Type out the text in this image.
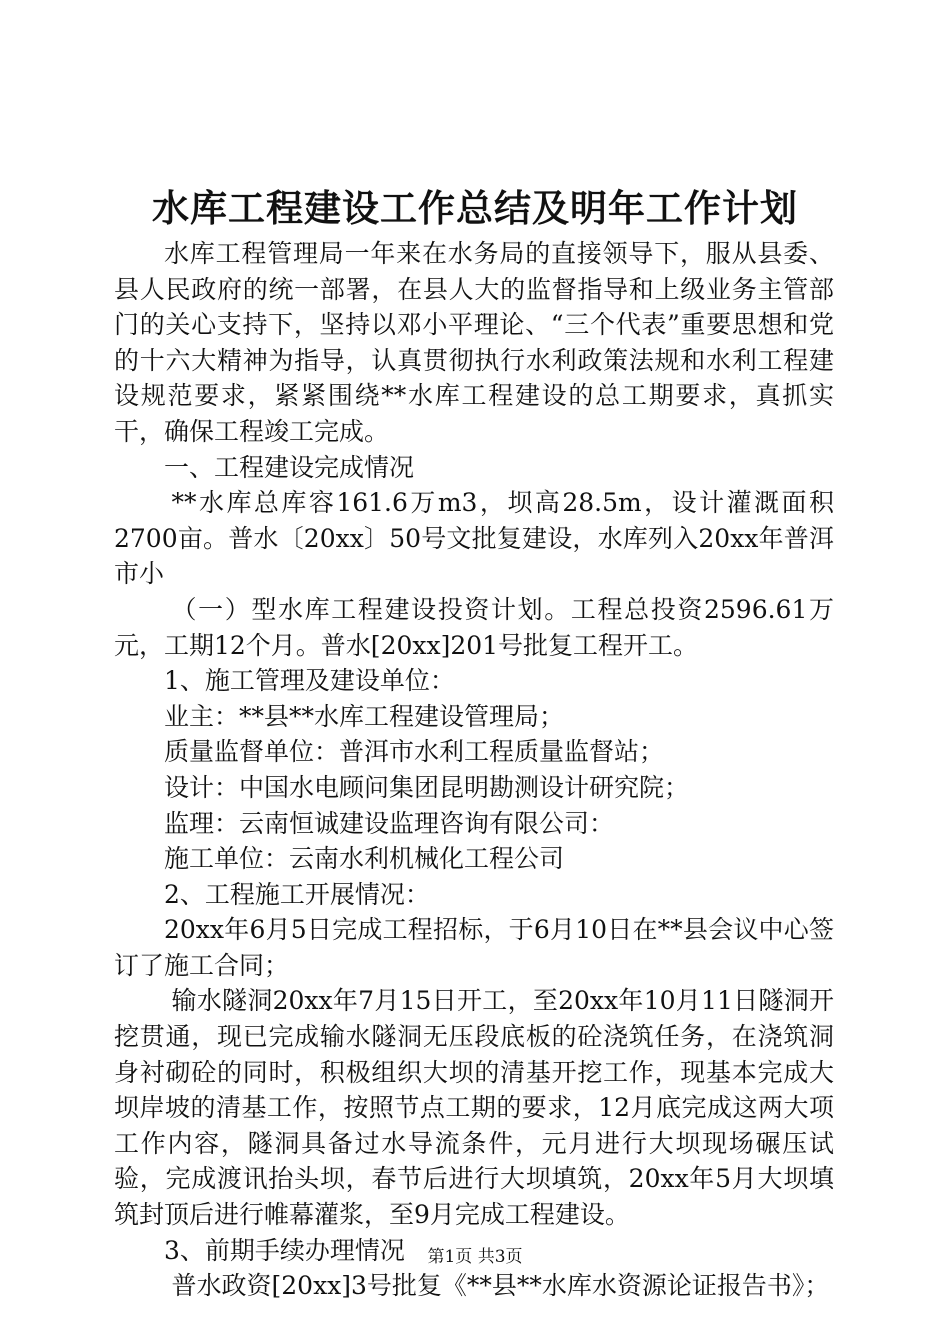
水库工程建设工作总结及明年工作计划

水库工程管理局一年来在水务局的直接领导下，服从县委、县人民政府的统一部署，在县人大的监督指导和上级业务主管部门的关心支持下，坚持以邓小平理论、“三个代表”重要思想和党的十六大精神为指导，认真贯彻执行水利政策法规和水利工程建设规范要求，紧紧围绕**水库工程建设的总工期要求，真抓实干，确保工程竣工完成。

一、工程建设完成情况

**水库总库容161.6万m3，坝高28.5m，设计灌溉面积2700亩。普水〔20xx〕50号文批复建设，水库列入20xx年普洱市小

（一）型水库工程建设投资计划。工程总投资2596.61万元，工期12个月。普水[20xx]201号批复工程开工。

1、施工管理及建设单位：

业主：**县**水库工程建设管理局；

质量监督单位：普洱市水利工程质量监督站；

设计：中国水电顾问集团昆明勘测设计研究院；

监理：云南恒诚建设监理咨询有限公司：

施工单位：云南水利机械化工程公司

2、工程施工开展情况：

20xx年6月5日完成工程招标，于6月10日在**县会议中心签订了施工合同；

输水隧洞20xx年7月15日开工，至20xx年10月11日隧洞开挖贯通，现已完成输水隧洞无压段底板的砼浇筑任务，在浇筑洞身衬砌砼的同时，积极组织大坝的清基开挖工作，现基本完成大坝岸坡的清基工作，按照节点工期的要求，12月底完成这两大项工作内容，隧洞具备过水导流条件，元月进行大坝现场碾压试验，完成渡讯抬头坝，春节后进行大坝填筑，20xx年5月大坝填筑封顶后进行帷幕灌浆，至9月完成工程建设。

3、前期手续办理情况

普水政资[20xx]3号批复《**县**水库水资源论证报告书》；

第1页 共3页
